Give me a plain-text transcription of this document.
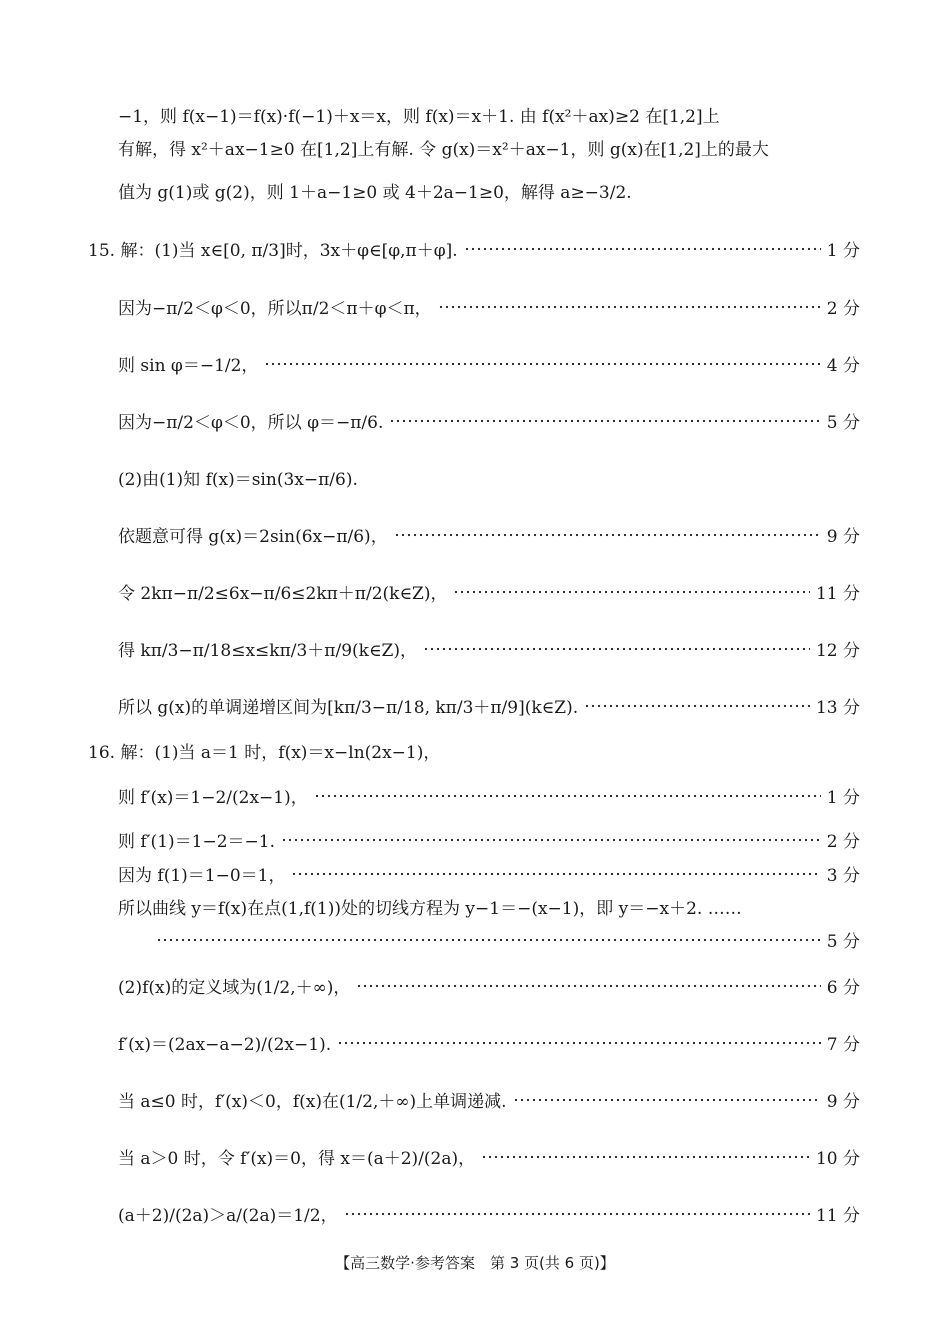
−1，则 f(x−1)＝f(x)·f(−1)＋x＝x，则 f(x)＝x＋1. 由 f(x²＋ax)≥2 在[1,2]上
有解，得 x²＋ax−1≥0 在[1,2]上有解. 令 g(x)＝x²＋ax−1，则 g(x)在[1,2]上的最大
值为 g(1)或 g(2)，则 1＋a−1≥0 或 4＋2a−1≥0，解得 a≥−3/2.
15. 解：(1)当 x∈[0, π/3]时，3x＋φ∈[φ,π＋φ].	1 分
因为−π/2＜φ＜0，所以π/2＜π＋φ＜π，	2 分
则 sin φ＝−1/2，	4 分
因为−π/2＜φ＜0，所以 φ＝−π/6.	5 分
(2)由(1)知 f(x)＝sin(3x−π/6).
依题意可得 g(x)＝2sin(6x−π/6)，	9 分
令 2kπ−π/2≤6x−π/6≤2kπ＋π/2(k∈Z)，	11 分
得 kπ/3−π/18≤x≤kπ/3＋π/9(k∈Z)，	12 分
所以 g(x)的单调递增区间为[kπ/3−π/18, kπ/3＋π/9](k∈Z).	13 分
16. 解：(1)当 a＝1 时，f(x)＝x−ln(2x−1)，
则 f′(x)＝1−2/(2x−1)，	1 分
则 f′(1)＝1−2＝−1.	2 分
因为 f(1)＝1−0＝1，	3 分
所以曲线 y＝f(x)在点(1,f(1))处的切线方程为 y−1＝−(x−1)，即 y＝−x＋2. ……
5 分
(2)f(x)的定义域为(1/2,＋∞)，	6 分
f′(x)＝(2ax−a−2)/(2x−1).	7 分
当 a≤0 时，f′(x)＜0，f(x)在(1/2,＋∞)上单调递减.	9 分
当 a＞0 时，令 f′(x)＝0，得 x＝(a＋2)/(2a)，	10 分
(a＋2)/(2a)＞a/(2a)＝1/2，	11 分
【高三数学·参考答案　第 3 页(共 6 页)】
